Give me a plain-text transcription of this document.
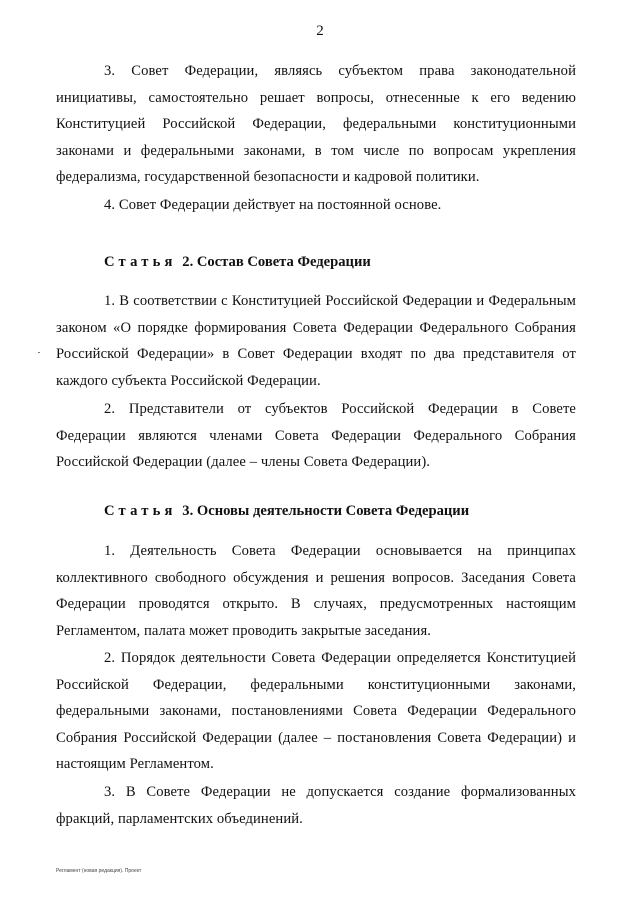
2

3. Совет Федерации, являясь субъектом права законодательной инициативы, самостоятельно решает вопросы, отнесенные к его ведению Конституцией Российской Федерации, федеральными конституционными законами и федеральными законами, в том числе по вопросам укрепления федерализма, государственной безопасности и кадровой политики.

4. Совет Федерации действует на постоянной основе.

Статья 2. Состав Совета Федерации

1. В соответствии с Конституцией Российской Федерации и Федеральным законом «О порядке формирования Совета Федерации Федерального Собрания Российской Федерации» в Совет Федерации входят по два представителя от каждого субъекта Российской Федерации.

2. Представители от субъектов Российской Федерации в Совете Федерации являются членами Совета Федерации Федерального Собрания Российской Федерации (далее – члены Совета Федерации).

Статья 3. Основы деятельности Совета Федерации

1. Деятельность Совета Федерации основывается на принципах коллективного свободного обсуждения и решения вопросов. Заседания Совета Федерации проводятся открыто. В случаях, предусмотренных настоящим Регламентом, палата может проводить закрытые заседания.

2. Порядок деятельности Совета Федерации определяется Конституцией Российской Федерации, федеральными конституционными законами, федеральными законами, постановлениями Совета Федерации Федерального Собрания Российской Федерации (далее – постановления Совета Федерации) и настоящим Регламентом.

3. В Совете Федерации не допускается создание формализованных фракций, парламентских объединений.

Регламент (новая редакция). Проект
